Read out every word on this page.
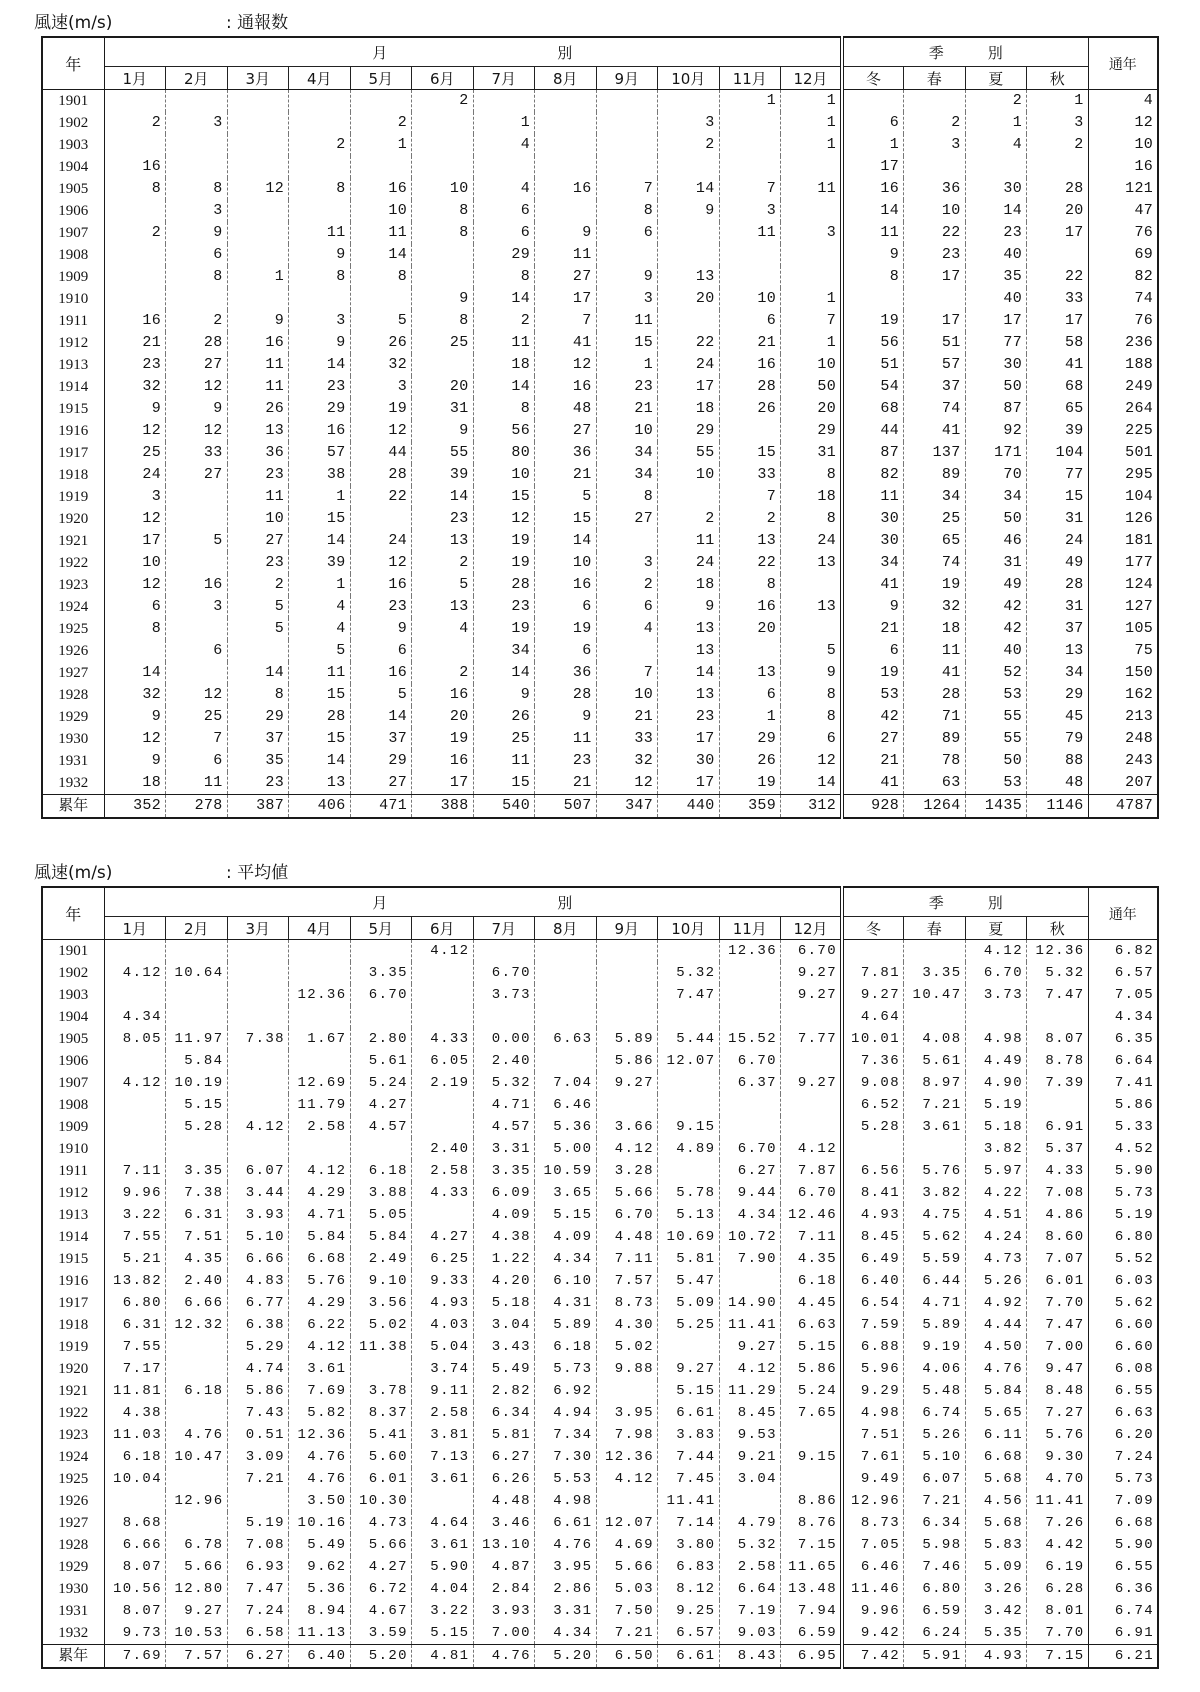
風速(m/s)	: 通報数
年	月 別												季 別				通年
	1月	2月	3月	4月	5月	6月	7月	8月	9月	10月	11月	12月	冬	春	夏	秋	
1901						2					1	1			2	1	4
1902	2	3			2		1			3		1	6	2	1	3	12
1903				2	1		4			2		1	1	3	4	2	10
1904	16												17				16
1905	8	8	12	8	16	10	4	16	7	14	7	11	16	36	30	28	121
1906		3			10	8	6		8	9	3		14	10	14	20	47
1907	2	9		11	11	8	6	9	6		11	3	11	22	23	17	76
1908		6		9	14		29	11					9	23	40		69
1909		8	1	8	8		8	27	9	13			8	17	35	22	82
1910						9	14	17	3	20	10	1			40	33	74
1911	16	2	9	3	5	8	2	7	11		6	7	19	17	17	17	76
1912	21	28	16	9	26	25	11	41	15	22	21	1	56	51	77	58	236
1913	23	27	11	14	32		18	12	1	24	16	10	51	57	30	41	188
1914	32	12	11	23	3	20	14	16	23	17	28	50	54	37	50	68	249
1915	9	9	26	29	19	31	8	48	21	18	26	20	68	74	87	65	264
1916	12	12	13	16	12	9	56	27	10	29		29	44	41	92	39	225
1917	25	33	36	57	44	55	80	36	34	55	15	31	87	137	171	104	501
1918	24	27	23	38	28	39	10	21	34	10	33	8	82	89	70	77	295
1919	3		11	1	22	14	15	5	8		7	18	11	34	34	15	104
1920	12		10	15		23	12	15	27	2	2	8	30	25	50	31	126
1921	17	5	27	14	24	13	19	14		11	13	24	30	65	46	24	181
1922	10		23	39	12	2	19	10	3	24	22	13	34	74	31	49	177
1923	12	16	2	1	16	5	28	16	2	18	8		41	19	49	28	124
1924	6	3	5	4	23	13	23	6	6	9	16	13	9	32	42	31	127
1925	8		5	4	9	4	19	19	4	13	20		21	18	42	37	105
1926		6		5	6		34	6		13		5	6	11	40	13	75
1927	14		14	11	16	2	14	36	7	14	13	9	19	41	52	34	150
1928	32	12	8	15	5	16	9	28	10	13	6	8	53	28	53	29	162
1929	9	25	29	28	14	20	26	9	21	23	1	8	42	71	55	45	213
1930	12	7	37	15	37	19	25	11	33	17	29	6	27	89	55	79	248
1931	9	6	35	14	29	16	11	23	32	30	26	12	21	78	50	88	243
1932	18	11	23	13	27	17	15	21	12	17	19	14	41	63	53	48	207
累年	352	278	387	406	471	388	540	507	347	440	359	312	928	1264	1435	1146	4787
風速(m/s)	: 平均値
年	月 別												季 別				通年
	1月	2月	3月	4月	5月	6月	7月	8月	9月	10月	11月	12月	冬	春	夏	秋	
1901						4.12					12.36	6.70			4.12	12.36	6.82
1902	4.12	10.64			3.35		6.70			5.32		9.27	7.81	3.35	6.70	5.32	6.57
1903				12.36	6.70		3.73			7.47		9.27	9.27	10.47	3.73	7.47	7.05
1904	4.34												4.64				4.34
1905	8.05	11.97	7.38	1.67	2.80	4.33	0.00	6.63	5.89	5.44	15.52	7.77	10.01	4.08	4.98	8.07	6.35
1906		5.84			5.61	6.05	2.40		5.86	12.07	6.70		7.36	5.61	4.49	8.78	6.64
1907	4.12	10.19		12.69	5.24	2.19	5.32	7.04	9.27		6.37	9.27	9.08	8.97	4.90	7.39	7.41
1908		5.15		11.79	4.27		4.71	6.46					6.52	7.21	5.19		5.86
1909		5.28	4.12	2.58	4.57		4.57	5.36	3.66	9.15			5.28	3.61	5.18	6.91	5.33
1910						2.40	3.31	5.00	4.12	4.89	6.70	4.12			3.82	5.37	4.52
1911	7.11	3.35	6.07	4.12	6.18	2.58	3.35	10.59	3.28		6.27	7.87	6.56	5.76	5.97	4.33	5.90
1912	9.96	7.38	3.44	4.29	3.88	4.33	6.09	3.65	5.66	5.78	9.44	6.70	8.41	3.82	4.22	7.08	5.73
1913	3.22	6.31	3.93	4.71	5.05		4.09	5.15	6.70	5.13	4.34	12.46	4.93	4.75	4.51	4.86	5.19
1914	7.55	7.51	5.10	5.84	5.84	4.27	4.38	4.09	4.48	10.69	10.72	7.11	8.45	5.62	4.24	8.60	6.80
1915	5.21	4.35	6.66	6.68	2.49	6.25	1.22	4.34	7.11	5.81	7.90	4.35	6.49	5.59	4.73	7.07	5.52
1916	13.82	2.40	4.83	5.76	9.10	9.33	4.20	6.10	7.57	5.47		6.18	6.40	6.44	5.26	6.01	6.03
1917	6.80	6.66	6.77	4.29	3.56	4.93	5.18	4.31	8.73	5.09	14.90	4.45	6.54	4.71	4.92	7.70	5.62
1918	6.31	12.32	6.38	6.22	5.02	4.03	3.04	5.89	4.30	5.25	11.41	6.63	7.59	5.89	4.44	7.47	6.60
1919	7.55		5.29	4.12	11.38	5.04	3.43	6.18	5.02		9.27	5.15	6.88	9.19	4.50	7.00	6.60
1920	7.17		4.74	3.61		3.74	5.49	5.73	9.88	9.27	4.12	5.86	5.96	4.06	4.76	9.47	6.08
1921	11.81	6.18	5.86	7.69	3.78	9.11	2.82	6.92		5.15	11.29	5.24	9.29	5.48	5.84	8.48	6.55
1922	4.38		7.43	5.82	8.37	2.58	6.34	4.94	3.95	6.61	8.45	7.65	4.98	6.74	5.65	7.27	6.63
1923	11.03	4.76	0.51	12.36	5.41	3.81	5.81	7.34	7.98	3.83	9.53		7.51	5.26	6.11	5.76	6.20
1924	6.18	10.47	3.09	4.76	5.60	7.13	6.27	7.30	12.36	7.44	9.21	9.15	7.61	5.10	6.68	9.30	7.24
1925	10.04		7.21	4.76	6.01	3.61	6.26	5.53	4.12	7.45	3.04		9.49	6.07	5.68	4.70	5.73
1926		12.96		3.50	10.30		4.48	4.98		11.41		8.86	12.96	7.21	4.56	11.41	7.09
1927	8.68		5.19	10.16	4.73	4.64	3.46	6.61	12.07	7.14	4.79	8.76	8.73	6.34	5.68	7.26	6.68
1928	6.66	6.78	7.08	5.49	5.66	3.61	13.10	4.76	4.69	3.80	5.32	7.15	7.05	5.98	5.83	4.42	5.90
1929	8.07	5.66	6.93	9.62	4.27	5.90	4.87	3.95	5.66	6.83	2.58	11.65	6.46	7.46	5.09	6.19	6.55
1930	10.56	12.80	7.47	5.36	6.72	4.04	2.84	2.86	5.03	8.12	6.64	13.48	11.46	6.80	3.26	6.28	6.36
1931	8.07	9.27	7.24	8.94	4.67	3.22	3.93	3.31	7.50	9.25	7.19	7.94	9.96	6.59	3.42	8.01	6.74
1932	9.73	10.53	6.58	11.13	3.59	5.15	7.00	4.34	7.21	6.57	9.03	6.59	9.42	6.24	5.35	7.70	6.91
累年	7.69	7.57	6.27	6.40	5.20	4.81	4.76	5.20	6.50	6.61	8.43	6.95	7.42	5.91	4.93	7.15	6.21
